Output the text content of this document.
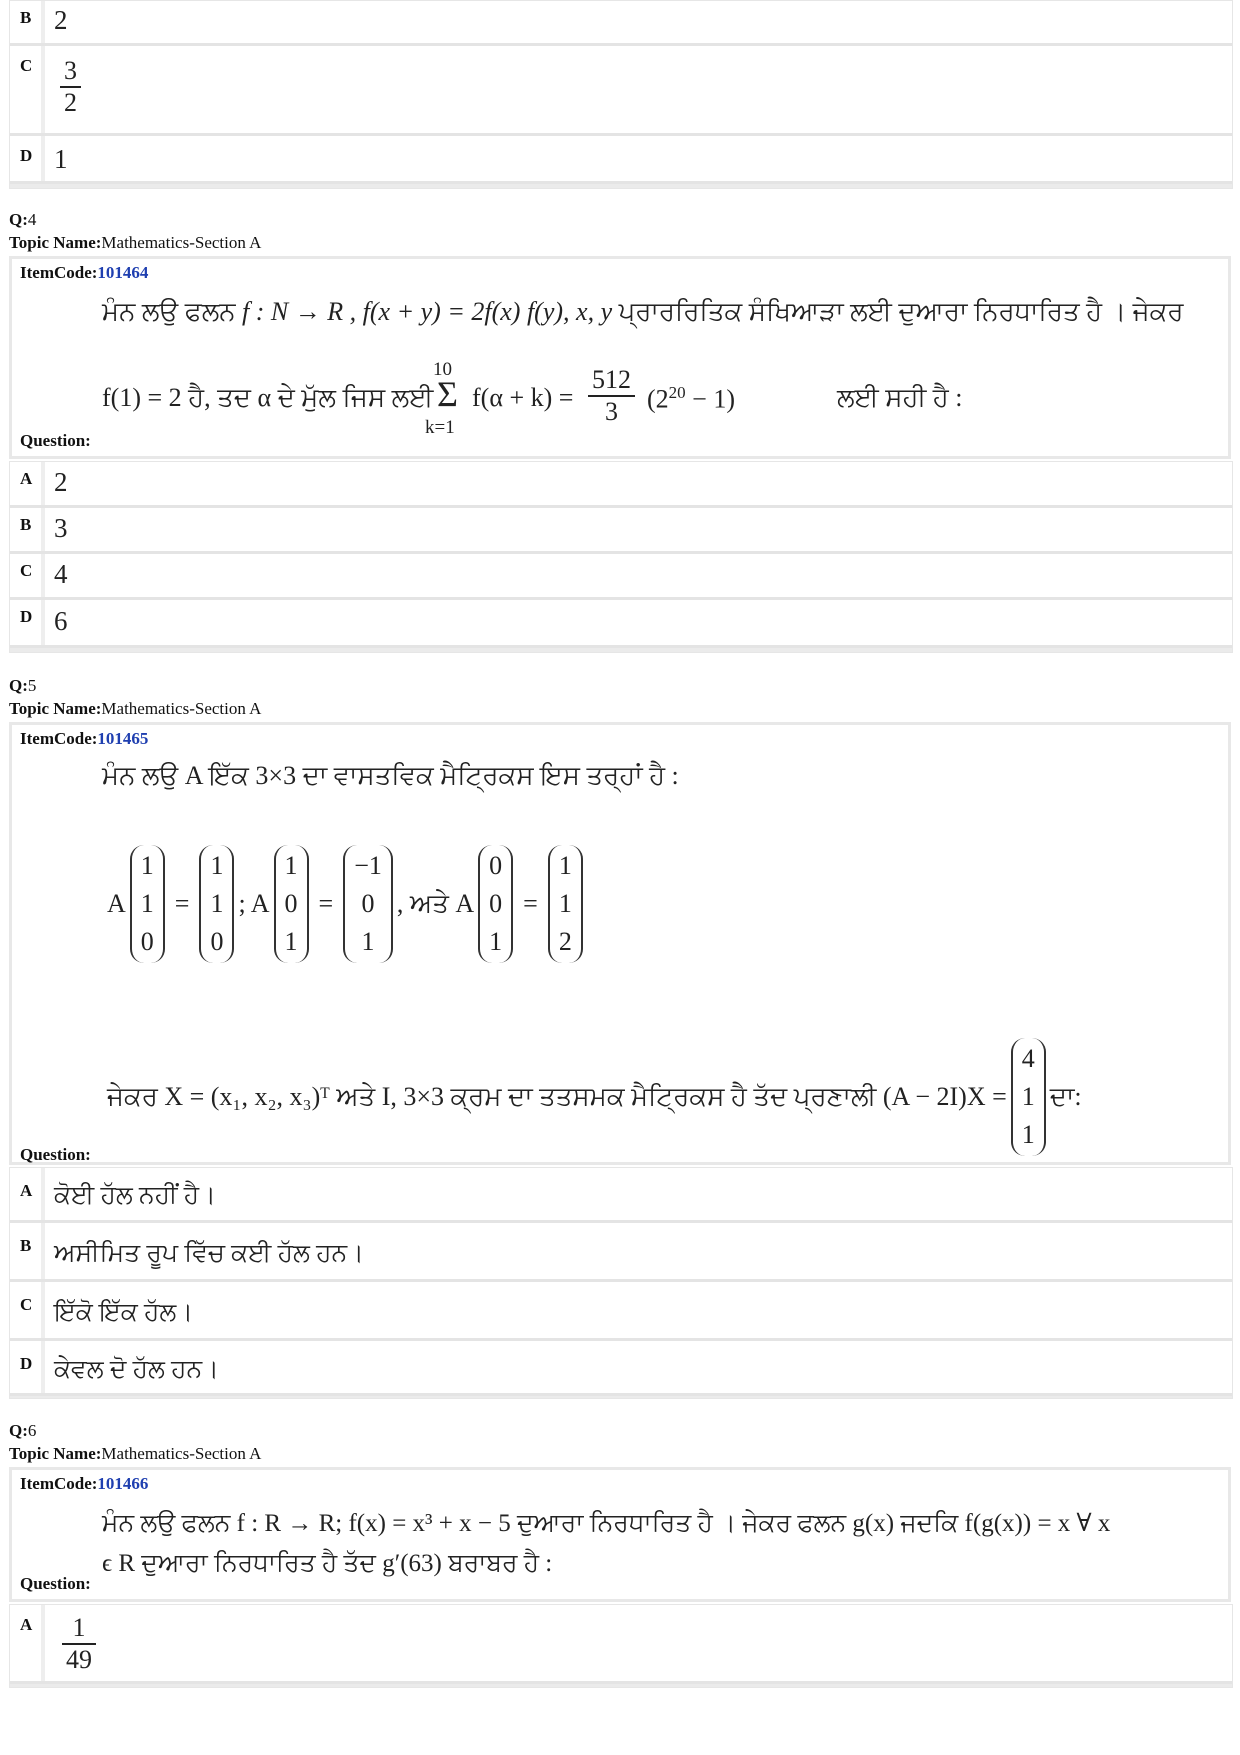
B 2
C $\frac{3}{2}$
D 1
Q:4
Topic Name:Mathematics-Section A
ItemCode:101464
ਮੰਨ ਲਉ ਫਲਨ f : N → R , f(x + y) = 2f(x) f(y), x, y ਪ੍ਰਾਰਰਿਤਿਕ ਸੰਖਿਆੜਾ ਲਈ ਦੁਆਰਾ ਨਿਰਧਾਰਿਤ ਹੈ । ਜੇਕਰ
f(1) = 2 ਹੈ, ਤਦ α ਦੇ ਮੁੱਲ ਜਿਸ ਲਈ
10
Σ
k=1
$f(\alpha + k) = \frac{512}{3} (2^{20} - 1)$	ਲਈ ਸਹੀ ਹੈ :
Question:
A 2
B 3
C 4
D 6
Q:5
Topic Name:Mathematics-Section A
ItemCode:101465
ਮੰਨ ਲਉ A ਇੱਕ 3×3 ਦਾ ਵਾਸਤਵਿਕ ਮੈਟ੍ਰਿਕਸ ਇਸ ਤਰ੍ਹਾਂ ਹੈ :
A
1
1
0
=
1
1
0
; A
1
0
1
=
−1
0
1
, ਅਤੇ A
0
0
1
=
1
1
2
ਜੇਕਰ X = (x₁, x₂, x₃)ᵀ ਅਤੇ I, 3×3 ਕ੍ਰਮ ਦਾ ਤਤਸਮਕ ਮੈਟ੍ਰਿਕਸ ਹੈ ਤੱਦ ਪ੍ਰਣਾਲੀ (A − 2I)X =
4
1
1
ਦਾ:
Question:
A ਕੋਈ ਹੱਲ ਨਹੀਂ ਹੈ।
B ਅਸੀਮਿਤ ਰੂਪ ਵਿੱਚ ਕਈ ਹੱਲ ਹਨ।
C ਇੱਕੋ ਇੱਕ ਹੱਲ।
D ਕੇਵਲ ਦੋ ਹੱਲ ਹਨ।
Q:6
Topic Name:Mathematics-Section A
ItemCode:101466
ਮੰਨ ਲਉ ਫਲਨ f : R → R; f(x) = x³ + x − 5 ਦੁਆਰਾ ਨਿਰਧਾਰਿਤ ਹੈ । ਜੇਕਰ ਫਲਨ g(x) ਜਦਕਿ f(g(x)) = x ∀ x
ϵ R ਦੁਆਰਾ ਨਿਰਧਾਰਿਤ ਹੈ ਤੱਦ g′(63) ਬਰਾਬਰ ਹੈ :
Question:
A $\frac{1}{49}$
